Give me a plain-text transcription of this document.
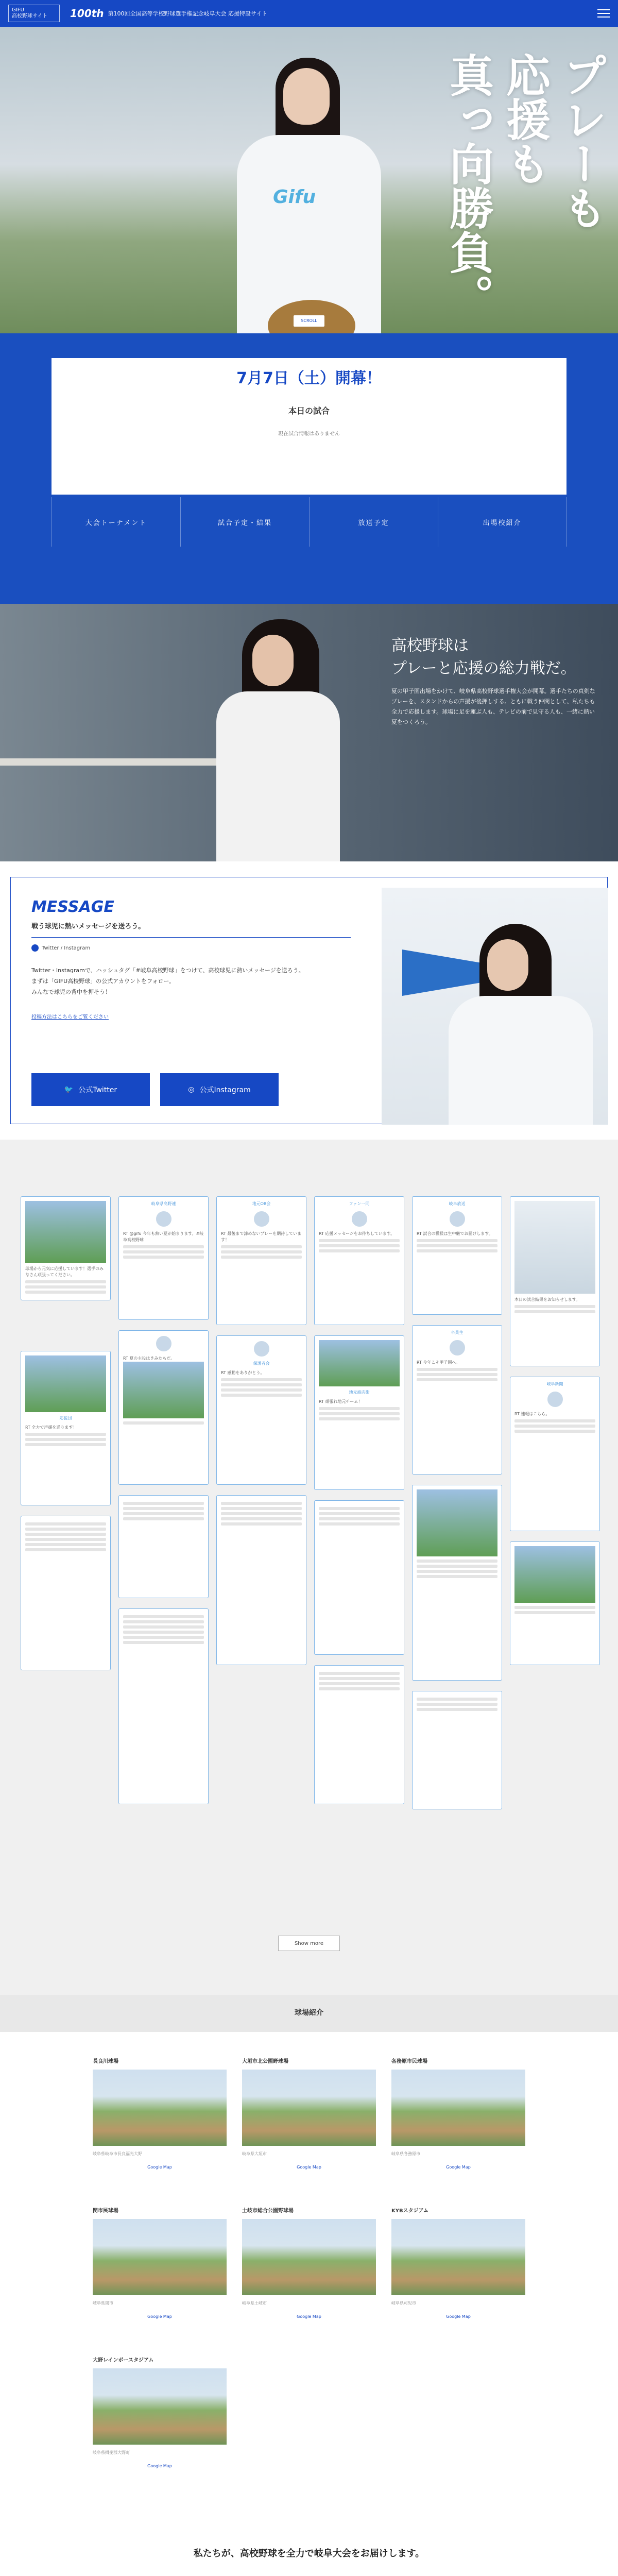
GIFU
高校野球サイト	100th 第100回全国高等学校野球選手権記念岐阜大会 応援特設サイト
Gifu	プレーも
応援も
真っ向勝負。
SCROLL
7月7日（土）開幕！
本日の試合
現在試合情報はありません
大会トーナメント	試合予定・結果	放送予定	出場校紹介
高校野球は
プレーと応援の総力戦だ。
夏の甲子園出場をかけて、岐阜県高校野球選手権大会が開幕。選手たちの真剣なプレーを、スタンドからの声援が後押しする。ともに戦う仲間として、私たちも全力で応援します。球場に足を運ぶ人も、テレビの前で見守る人も、一緒に熱い夏をつくろう。
MESSAGE
戦う球児に熱いメッセージを送ろう。
Twitter / Instagram
Twitter・Instagramで、ハッシュタグ「#岐阜高校野球」をつけて、高校球児に熱いメッセージを送ろう。
まずは「GIFU高校野球」の公式アカウントをフォロー。
みんなで球児の背中を押そう！
投稿方法はこちらをご覧ください
🐦 公式Twitter	◎ 公式Instagram
球場から元気に応援しています！選手のみなさん頑張ってください。
岐阜県高野連
RT @gifu 今年も熱い夏が始まります。#岐阜高校野球
地元OB会
RT 最後まで諦めないプレーを期待しています！
ファン一同
RT 応援メッセージをお待ちしています。
岐阜放送
RT 試合の模様は生中継でお届けします。
本日の試合結果をお知らせします。
応援団
RT 全力で声援を送ります！
RT 夏の主役はきみたちだ。
保護者会
RT 感動をありがとう。
地元商店街
RT 頑張れ地元チーム！
卒業生
RT 今年こそ甲子園へ。
岐阜新聞
RT 速報はこちら。
Show more
球場紹介
長良川球場
岐阜県岐阜市長良福光大野
Google Map
大垣市北公園野球場
岐阜県大垣市
Google Map
各務原市民球場
岐阜県各務原市
Google Map
関市民球場
岐阜県関市
Google Map
土岐市総合公園野球場
岐阜県土岐市
Google Map
KYBスタジアム
岐阜県可児市
Google Map
大野レインボースタジアム
岐阜県揖斐郡大野町
Google Map
私たちが、高校野球を全力で岐阜大会をお届けします。
